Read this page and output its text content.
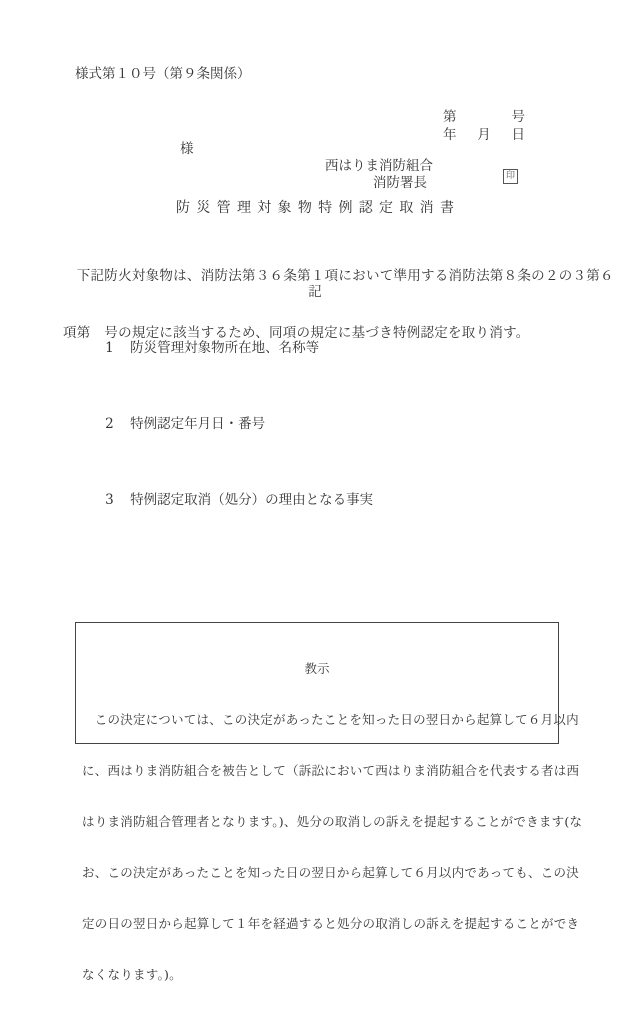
様式第１０号（第９条関係）
第	号
年 月 日
様
西はりま消防組合
消防署長	印
防災管理対象物特例認定取消書

　下記防火対象物は、消防法第３６条第１項において準用する消防法第８条の２の３第６

項第　号の規定に該当するため、同項の規定に基づき特例認定を取り消す。

記

1 防災管理対象物所在地、名称等

2 特例認定年月日・番号

3 特例認定取消（処分）の理由となる事実

教示

　この決定については、この決定があったことを知った日の翌日から起算して６月以内

に、西はりま消防組合を被告として（訴訟において西はりま消防組合を代表する者は西

はりま消防組合管理者となります。)、処分の取消しの訴えを提起することができます(な

お、この決定があったことを知った日の翌日から起算して６月以内であっても、この決

定の日の翌日から起算して１年を経過すると処分の取消しの訴えを提起することができ

なくなります。)。
